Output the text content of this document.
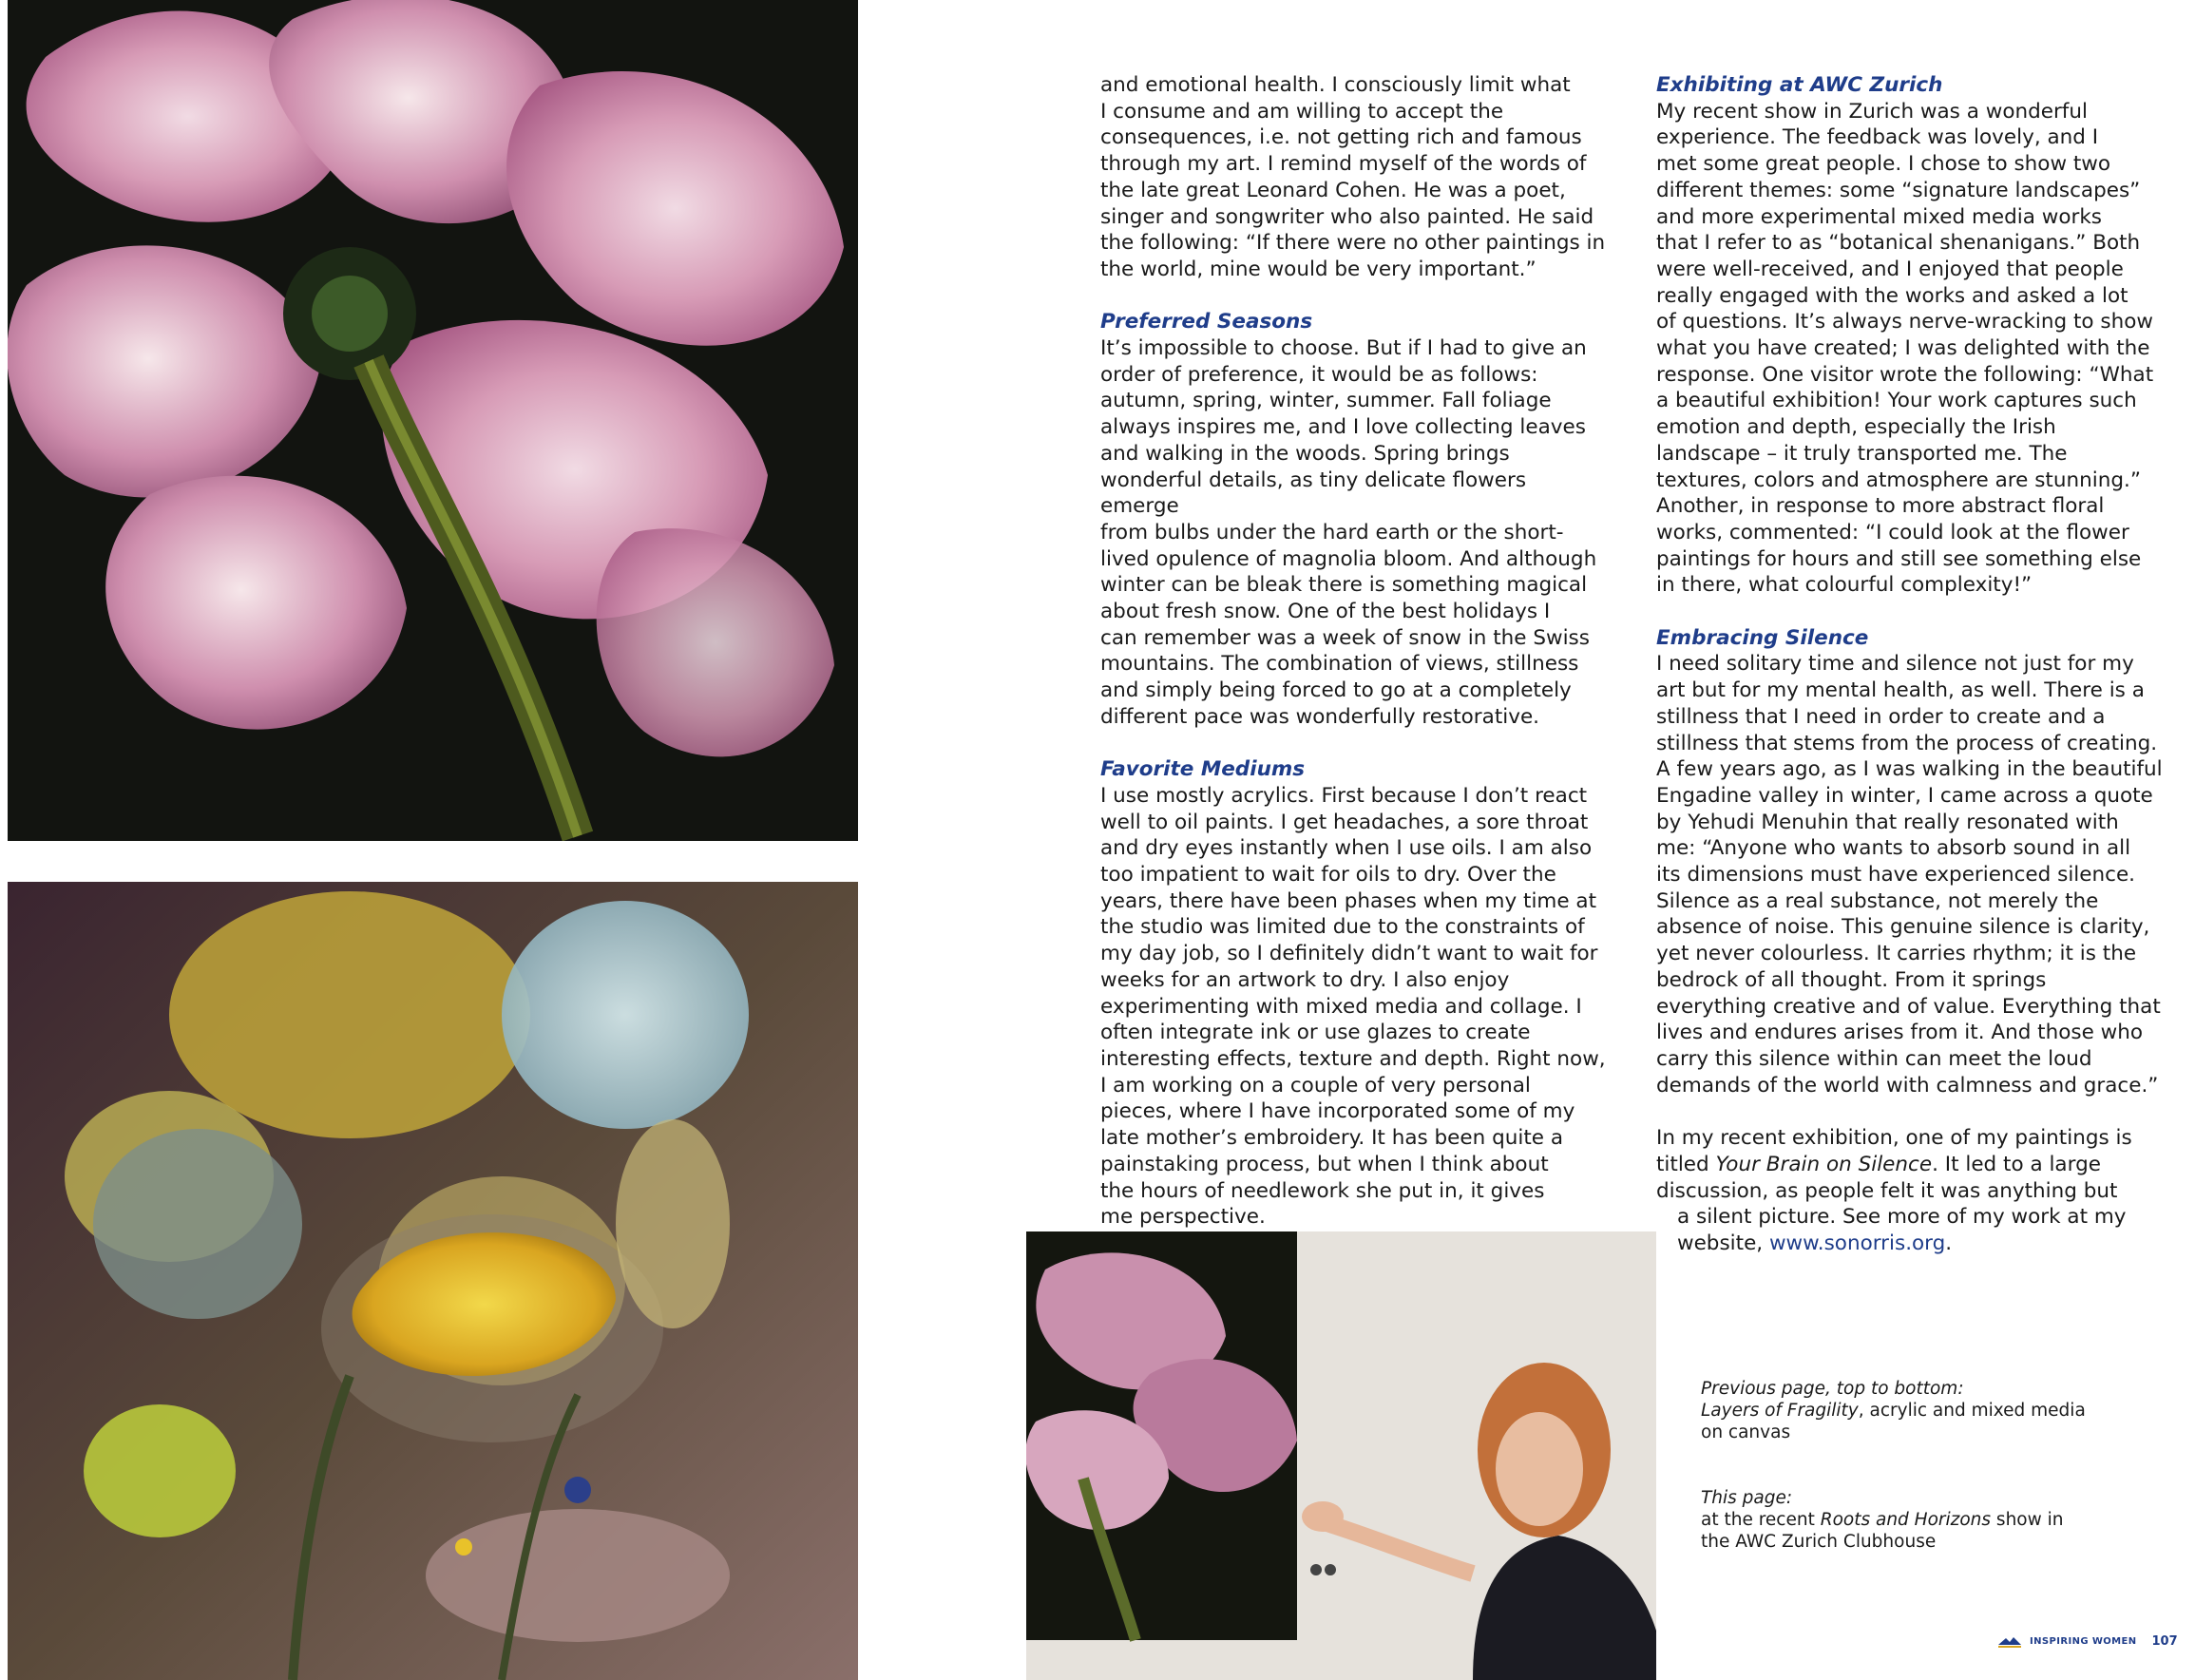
and emotional health. I consciously limit what

I consume and am willing to accept the

consequences, i.e. not getting rich and famous

through my art. I remind myself of the words of

the late great Leonard Cohen. He was a poet,

singer and songwriter who also painted. He said

the following: “If there were no other paintings in

the world, mine would be very important.”

Preferred Seasons

It’s impossible to choose. But if I had to give an

order of preference, it would be as follows:

autumn, spring, winter, summer. Fall foliage

always inspires me, and I love collecting leaves

and walking in the woods. Spring brings

wonderful details, as tiny delicate flowers emerge

from bulbs under the hard earth or the short-

lived opulence of magnolia bloom. And although

winter can be bleak there is something magical

about fresh snow. One of the best holidays I

can remember was a week of snow in the Swiss

mountains. The combination of views, stillness

and simply being forced to go at a completely

different pace was wonderfully restorative.

Favorite Mediums

I use mostly acrylics. First because I don’t react

well to oil paints. I get headaches, a sore throat

and dry eyes instantly when I use oils. I am also

too impatient to wait for oils to dry. Over the

years, there have been phases when my time at

the studio was limited due to the constraints of

my day job, so I definitely didn’t want to wait for

weeks for an artwork to dry. I also enjoy

experimenting with mixed media and collage. I

often integrate ink or use glazes to create

interesting effects, texture and depth. Right now,

I am working on a couple of very personal

pieces, where I have incorporated some of my

late mother’s embroidery. It has been quite a

painstaking process, but when I think about

the hours of needlework she put in, it gives

me perspective.

Exhibiting at AWC Zurich

My recent show in Zurich was a wonderful

experience. The feedback was lovely, and I

met some great people. I chose to show two

different themes: some “signature landscapes”

and more experimental mixed media works

that I refer to as “botanical shenanigans.” Both

were well-received, and I enjoyed that people

really engaged with the works and asked a lot

of questions. It’s always nerve-wracking to show

what you have created; I was delighted with the

response. One visitor wrote the following: “What

a beautiful exhibition! Your work captures such

emotion and depth, especially the Irish

landscape – it truly transported me. The

textures, colors and atmosphere are stunning.”

Another, in response to more abstract floral

works, commented: “I could look at the flower

paintings for hours and still see something else

in there, what colourful complexity!”

Embracing Silence

I need solitary time and silence not just for my

art but for my mental health, as well. There is a

stillness that I need in order to create and a

stillness that stems from the process of creating.

A few years ago, as I was walking in the beautiful

Engadine valley in winter, I came across a quote

by Yehudi Menuhin that really resonated with

me: “Anyone who wants to absorb sound in all

its dimensions must have experienced silence.

Silence as a real substance, not merely the

absence of noise. This genuine silence is clarity,

yet never colourless. It carries rhythm; it is the

bedrock of all thought. From it springs

everything creative and of value. Everything that

lives and endures arises from it. And those who

carry this silence within can meet the loud

demands of the world with calmness and grace.”

In my recent exhibition, one of my paintings is

titled Your Brain on Silence. It led to a large

discussion, as people felt it was anything but

a silent picture. See more of my work at my

website, www.sonorris.org.

Previous page, top to bottom:

Layers of Fragility, acrylic and mixed media

on canvas

This page:

at the recent Roots and Horizons show in

the AWC Zurich Clubhouse

INSPIRING WOMEN 107
